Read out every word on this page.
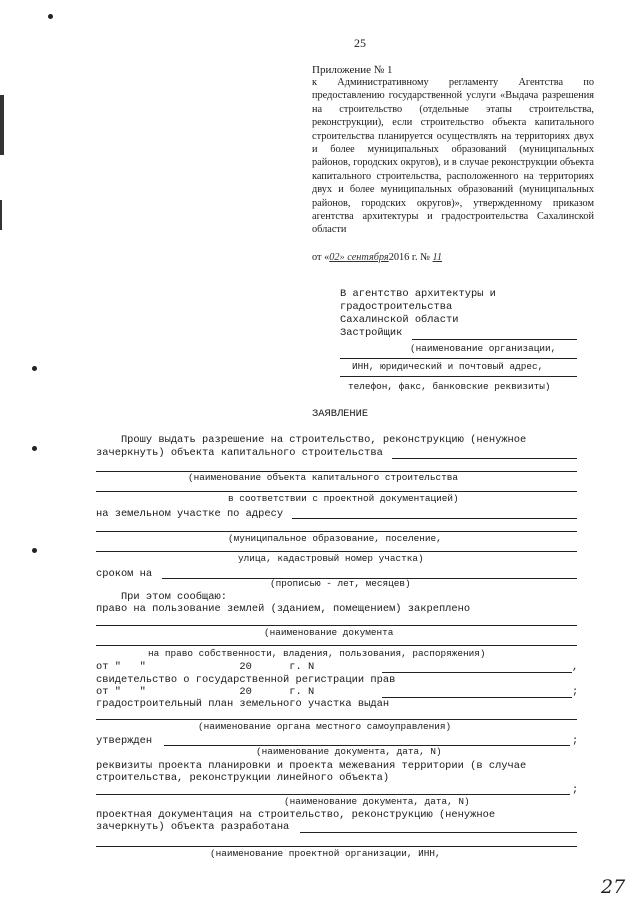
25
Приложение № 1
к Административному регламенту Агентства по предоставлению государственной услуги «Выдача разрешения на строительство (отдельные этапы строительства, реконструкции), если строительство объекта капитального строительства планируется осуществлять на территориях двух и более муниципальных образований (муниципальных районов, городских округов), и в случае реконструкции объекта капитального строительства, расположенного на территориях двух и более муниципальных образований (муниципальных районов, городских округов)», утвержденному приказом агентства архитектуры и градостроительства Сахалинской области
от «02» сентября2016 г. № 11
В агентство архитектуры и
градостроительства
Сахалинской области
Застройщик
(наименование организации,
ИНН, юридический и почтовый адрес,
телефон, факс, банковские реквизиты)
ЗАЯВЛЕНИЕ
Прошу выдать разрешение на строительство, реконструкцию (ненужное
зачеркнуть) объекта капитального строительства
(наименование объекта капитального строительства
в соответствии с проектной документацией)
на земельном участке по адресу
(муниципальное образование, поселение,
улица, кадастровый номер участка)
сроком на
(прописью - лет, месяцев)
При этом сообщаю:
право на пользование землей (зданием, помещением) закреплено
(наименование документа
на право собственности, владения, пользования, распоряжения)
от "   "               20      г. N	,
свидетельство о государственной регистрации прав
от "   "               20      г. N	;
градостроительный план земельного участка выдан
(наименование органа местного самоуправления)
утвержден	;
(наименование документа, дата, N)
реквизиты проекта планировки и проекта межевания территории (в случае
строительства, реконструкции линейного объекта)
;
(наименование документа, дата, N)
проектная документация на строительство, реконструкцию (ненужное
зачеркнуть) объекта разработана
(наименование проектной организации, ИНН,
27
